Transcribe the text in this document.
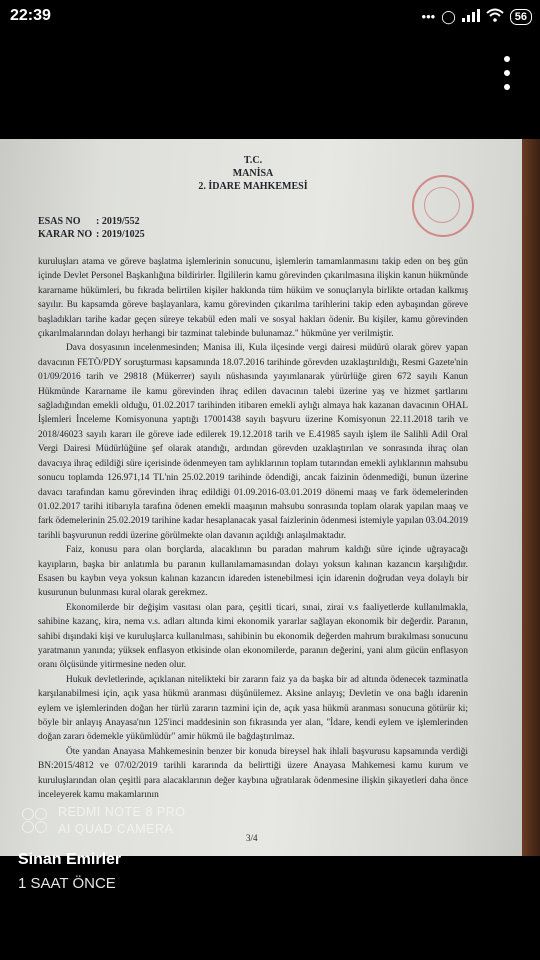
22:39	••• ◯	56
T.C.
MANİSA
2. İDARE MAHKEMESİ
ESAS NO : 2019/552
KARAR NO : 2019/1025

kuruluşları atama ve göreve başlatma işlemlerinin sonucunu, işlemlerin tamamlanmasını takip eden on beş gün içinde Devlet Personel Başkanlığına bildirirler. İlgililerin kamu görevinden çıkarılmasına ilişkin kanun hükmünde kararname hükümleri, bu fıkrada belirtilen kişiler hakkında tüm hüküm ve sonuçlarıyla birlikte ortadan kalkmış sayılır. Bu kapsamda göreve başlayanlara, kamu görevinden çıkarılma tarihlerini takip eden aybaşından göreve başladıkları tarihe kadar geçen süreye tekabül eden mali ve sosyal hakları ödenir. Bu kişiler, kamu görevinden çıkarılmalarından dolayı herhangi bir tazminat talebinde bulunamaz." hükmüne yer verilmiştir.

Dava dosyasının incelenmesinden; Manisa ili, Kula ilçesinde vergi dairesi müdürü olarak görev yapan davacının FETÖ/PDY soruşturması kapsamında 18.07.2016 tarihinde görevden uzaklaştırıldığı, Resmi Gazete'nin 01/09/2016 tarih ve 29818 (Mükerrer) sayılı nüshasında yayımlanarak yürürlüğe giren 672 sayılı Kanun Hükmünde Kararname ile kamu görevinden ihraç edilen davacının talebi üzerine yaş ve hizmet şartlarını sağladığından emekli olduğu, 01.02.2017 tarihinden itibaren emekli aylığı almaya hak kazanan davacının OHAL İşlemleri İnceleme Komisyonuna yaptığı 17001438 sayılı başvuru üzerine Komisyonun 22.11.2018 tarih ve 2018/46023 sayılı kararı ile göreve iade edilerek 19.12.2018 tarih ve E.41985 sayılı işlem ile Salihli Adil Oral Vergi Dairesi Müdürlüğüne şef olarak atandığı, ardından görevden uzaklaştırılan ve sonrasında ihraç olan davacıya ihraç edildiği süre içerisinde ödenmeyen tam aylıklarının toplam tutarından emekli aylıklarının mahsubu sonucu toplamda 126.971,14 TL'nin 25.02.2019 tarihinde ödendiği, ancak faizinin ödenmediği, bunun üzerine davacı tarafından kamu görevinden ihraç edildiği 01.09.2016-03.01.2019 dönemi maaş ve fark ödemelerinden 01.02.2017 tarihi itibarıyla tarafına ödenen emekli maaşının mahsubu sonrasında toplam olarak yapılan maaş ve fark ödemelerinin 25.02.2019 tarihine kadar hesaplanacak yasal faizlerinin ödenmesi istemiyle yapılan 03.04.2019 tarihli başvurunun reddi üzerine görülmekte olan davanın açıldığı anlaşılmaktadır.

Faiz, konusu para olan borçlarda, alacaklının bu paradan mahrum kaldığı süre içinde uğrayacağı kayıpların, başka bir anlatımla bu paranın kullanılamamasından dolayı yoksun kalınan kazancın karşılığıdır. Esasen bu kaybın veya yoksun kalınan kazancın idareden istenebilmesi için idarenin doğrudan veya dolaylı bir kusurunun bulunması kural olarak gerekmez.

Ekonomilerde bir değişim vasıtası olan para, çeşitli ticari, sınai, zirai v.s faaliyetlerde kullanılmakla, sahibine kazanç, kira, nema v.s. adları altında kimi ekonomik yararlar sağlayan ekonomik bir değerdir. Paranın, sahibi dışındaki kişi ve kuruluşlarca kullanılması, sahibinin bu ekonomik değerden mahrum bırakılması sonucunu yaratmanın yanında; yüksek enflasyon etkisinde olan ekonomilerde, paranın değerini, yani alım gücün enflasyon oranı ölçüsünde yitirmesine neden olur.

Hukuk devletlerinde, açıklanan nitelikteki bir zararın faiz ya da başka bir ad altında ödenecek tazminatla karşılanabilmesi için, açık yasa hükmü aranması düşünülemez. Aksine anlayış; Devletin ve ona bağlı idarenin eylem ve işlemlerinden doğan her türlü zararın tazmini için de, açık yasa hükmü aranması sonucuna götürür ki; böyle bir anlayış Anayasa'nın 125'inci maddesinin son fıkrasında yer alan, "İdare, kendi eylem ve işlemlerinden doğan zararı ödemekle yükümlüdür" amir hükmü ile bağdaştırılmaz.

Öte yandan Anayasa Mahkemesinin benzer bir konuda bireysel hak ihlali başvurusu kapsamında verdiği BN:2015/4812 ve 07/02/2019 tarihli kararında da belirttiği üzere Anayasa Mahkemesi kamu kurum ve kuruluşlarından olan çeşitli para alacaklarının değer kaybına uğratılarak ödenmesine ilişkin şikayetleri daha önce inceleyerek kamu makamlarının

3/4
REDMI NOTE 8 PRO
AI QUAD CAMERA
Sinan Emirler
1 SAAT ÖNCE
